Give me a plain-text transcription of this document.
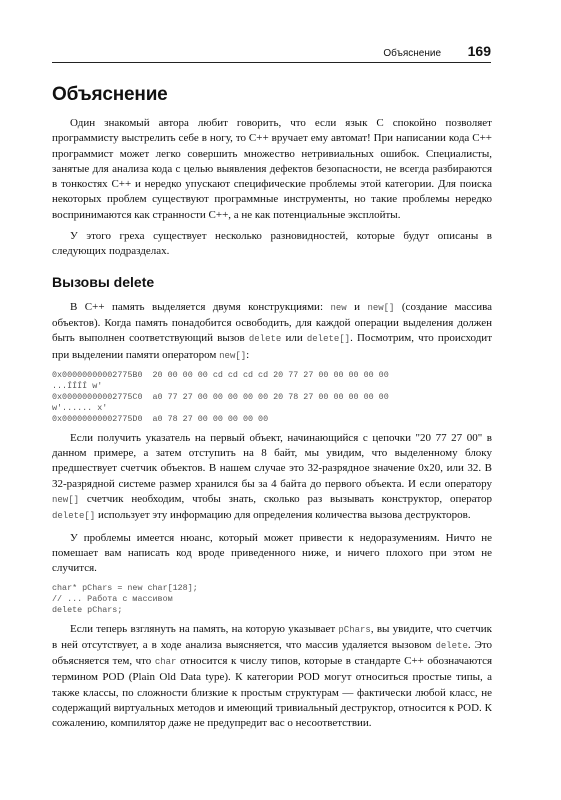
Объяснение 169
Объяснение

Один знакомый автора любит говорить, что если язык С спокойно позволяет программисту выстрелить себе в ногу, то С++ вручает ему автомат! При написании кода С++ программист может легко совершить множество нетривиальных ошибок. Специалисты, занятые для анализа кода с целью выявления дефектов безопасности, не всегда разбираются в тонкостях С++ и нередко упускают специфические проблемы этой категории. Для поиска некоторых проблем существуют программные инструменты, но такие проблемы нередко воспринимаются как странности С++, а не как потенциальные эксплойты.

У этого греха существует несколько разновидностей, которые будут описаны в следующих подразделах.

Вызовы delete

В С++ память выделяется двумя конструкциями: new и new[] (создание массива объектов). Когда память понадобится освободить, для каждой операции выделения должен быть выполнен соответствующий вызов delete или delete[]. Посмотрим, что происходит при выделении памяти оператором new[]:

0x00000000002775B0  20 00 00 00 cd cd cd cd 20 77 27 00 00 00 00 00
...ÍÍÍÍ w'
0x00000000002775C0  a0 77 27 00 00 00 00 00 20 78 27 00 00 00 00 00
w'...... x'
0x00000000002775D0  a0 78 27 00 00 00 00 00

Если получить указатель на первый объект, начинающийся с цепочки "20 77 27 00" в данном примере, а затем отступить на 8 байт, мы увидим, что выделенному блоку предшествует счетчик объектов. В нашем случае это 32-разрядное значение 0x20, или 32. В 32-разрядной системе размер хранился бы за 4 байта до первого объекта. И если оператору new[] счетчик необходим, чтобы знать, сколько раз вызывать конструктор, оператор delete[] использует эту информацию для определения количества вызова деструкторов.

У проблемы имеется нюанс, который может привести к недоразумениям. Ничто не помешает вам написать код вроде приведенного ниже, и ничего плохого при этом не случится.

char* pChars = new char[128];
// ... Работа с массивом
delete pChars;

Если теперь взглянуть на память, на которую указывает pChars, вы увидите, что счетчик в ней отсутствует, а в ходе анализа выясняется, что массив удаляется вызовом delete. Это объясняется тем, что char относится к числу типов, которые в стандарте С++ обозначаются термином POD (Plain Old Data type). К категории POD могут относиться простые типы, а также классы, по сложности близкие к простым структурам — фактически любой класс, не содержащий виртуальных методов и имеющий тривиальный деструктор, относится к POD. К сожалению, компилятор даже не предупредит вас о несоответствии.
